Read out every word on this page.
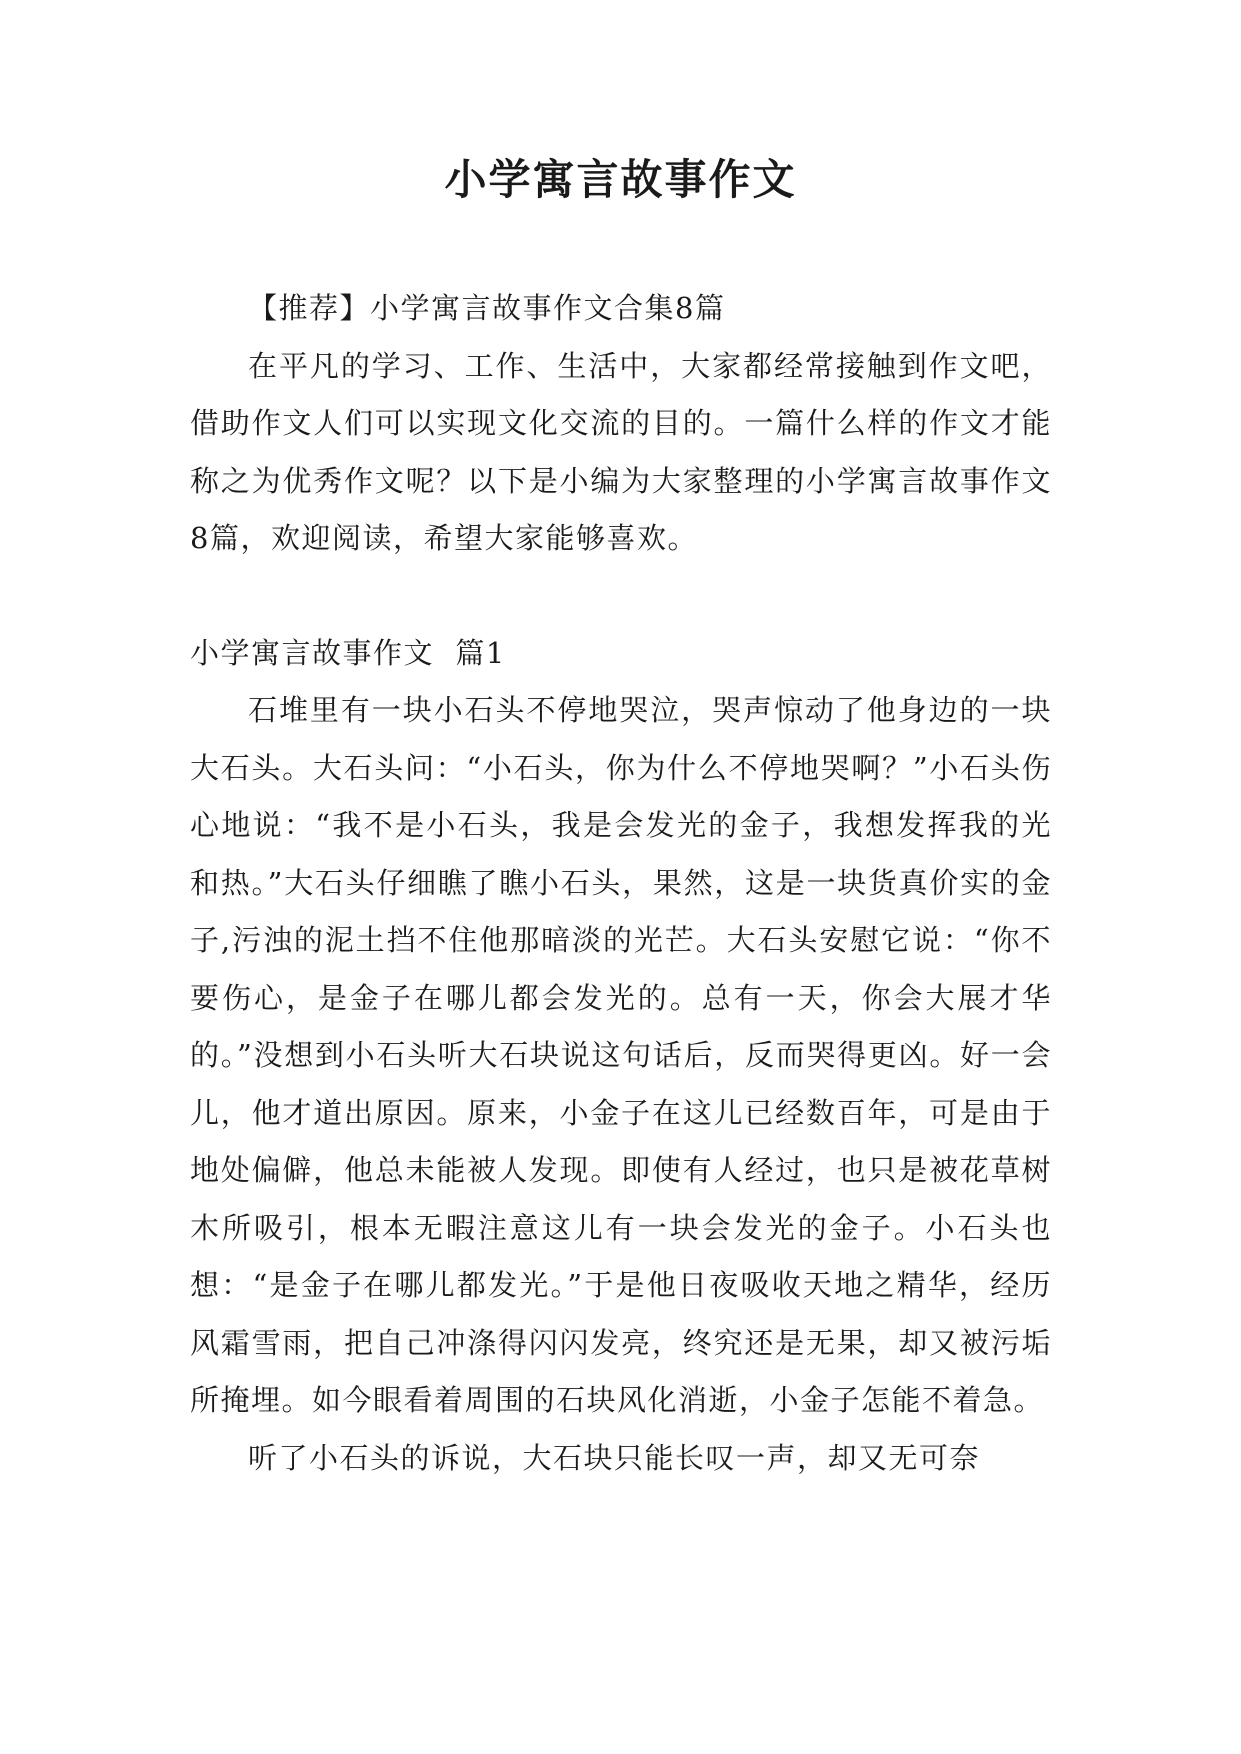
小学寓言故事作文

【推荐】小学寓言故事作文合集8篇

在平凡的学习、工作、生活中，大家都经常接触到作文吧，借助作文人们可以实现文化交流的目的。一篇什么样的作文才能称之为优秀作文呢？以下是小编为大家整理的小学寓言故事作文8篇，欢迎阅读，希望大家能够喜欢。

小学寓言故事作文  篇1

石堆里有一块小石头不停地哭泣，哭声惊动了他身边的一块大石头。大石头问：“小石头，你为什么不停地哭啊？”小石头伤心地说：“我不是小石头，我是会发光的金子，我想发挥我的光和热。”大石头仔细瞧了瞧小石头，果然，这是一块货真价实的金子,污浊的泥土挡不住他那暗淡的光芒。大石头安慰它说：“你不要伤心，是金子在哪儿都会发光的。总有一天，你会大展才华的。”没想到小石头听大石块说这句话后，反而哭得更凶。好一会儿，他才道出原因。原来，小金子在这儿已经数百年，可是由于地处偏僻，他总未能被人发现。即使有人经过，也只是被花草树木所吸引，根本无暇注意这儿有一块会发光的金子。小石头也想：“是金子在哪儿都发光。”于是他日夜吸收天地之精华，经历风霜雪雨，把自己冲涤得闪闪发亮，终究还是无果，却又被污垢所掩埋。如今眼看着周围的石块风化消逝，小金子怎能不着急。

听了小石头的诉说，大石块只能长叹一声，却又无可奈
